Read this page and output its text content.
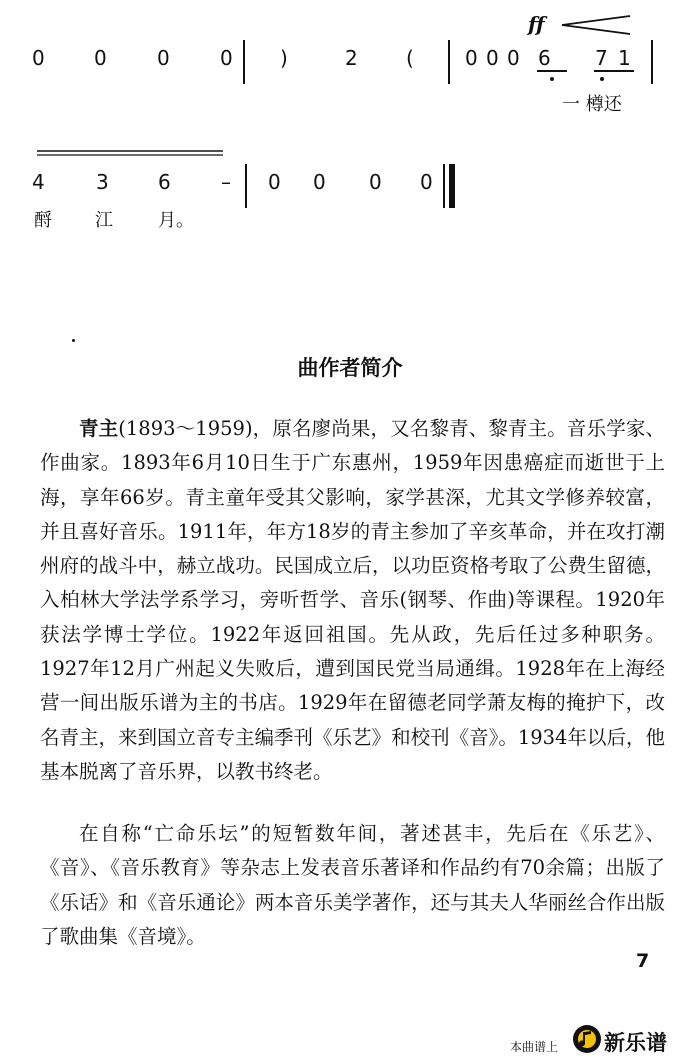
0 0	0	0 )	2 (
ff
0 0 0 6 7 1
一 樽还
4	3 6	– 0 0 0 0
酹 江	月。
曲作者简介

青主(1893～1959)，原名廖尚果，又名黎青、黎青主。音乐学家、作曲家。1893年6月10日生于广东惠州，1959年因患癌症而逝世于上海，享年66岁。青主童年受其父影响，家学甚深，尤其文学修养较富，并且喜好音乐。1911年，年方18岁的青主参加了辛亥革命，并在攻打潮州府的战斗中，赫立战功。民国成立后，以功臣资格考取了公费生留德，入柏林大学法学系学习，旁听哲学、音乐(钢琴、作曲)等课程。1920年获法学博士学位。1922年返回祖国。先从政，先后任过多种职务。1927年12月广州起义失败后，遭到国民党当局通缉。1928年在上海经营一间出版乐谱为主的书店。1929年在留德老同学萧友梅的掩护下，改名青主，来到国立音专主编季刊《乐艺》和校刊《音》。1934年以后，他基本脱离了音乐界，以教书终老。

在自称“亡命乐坛”的短暂数年间，著述甚丰，先后在《乐艺》、《音》、《音乐教育》等杂志上发表音乐著译和作品约有70余篇；出版了《乐话》和《音乐通论》两本音乐美学著作，还与其夫人华丽丝合作出版了歌曲集《音境》。

7
本曲谱上 新乐谱
